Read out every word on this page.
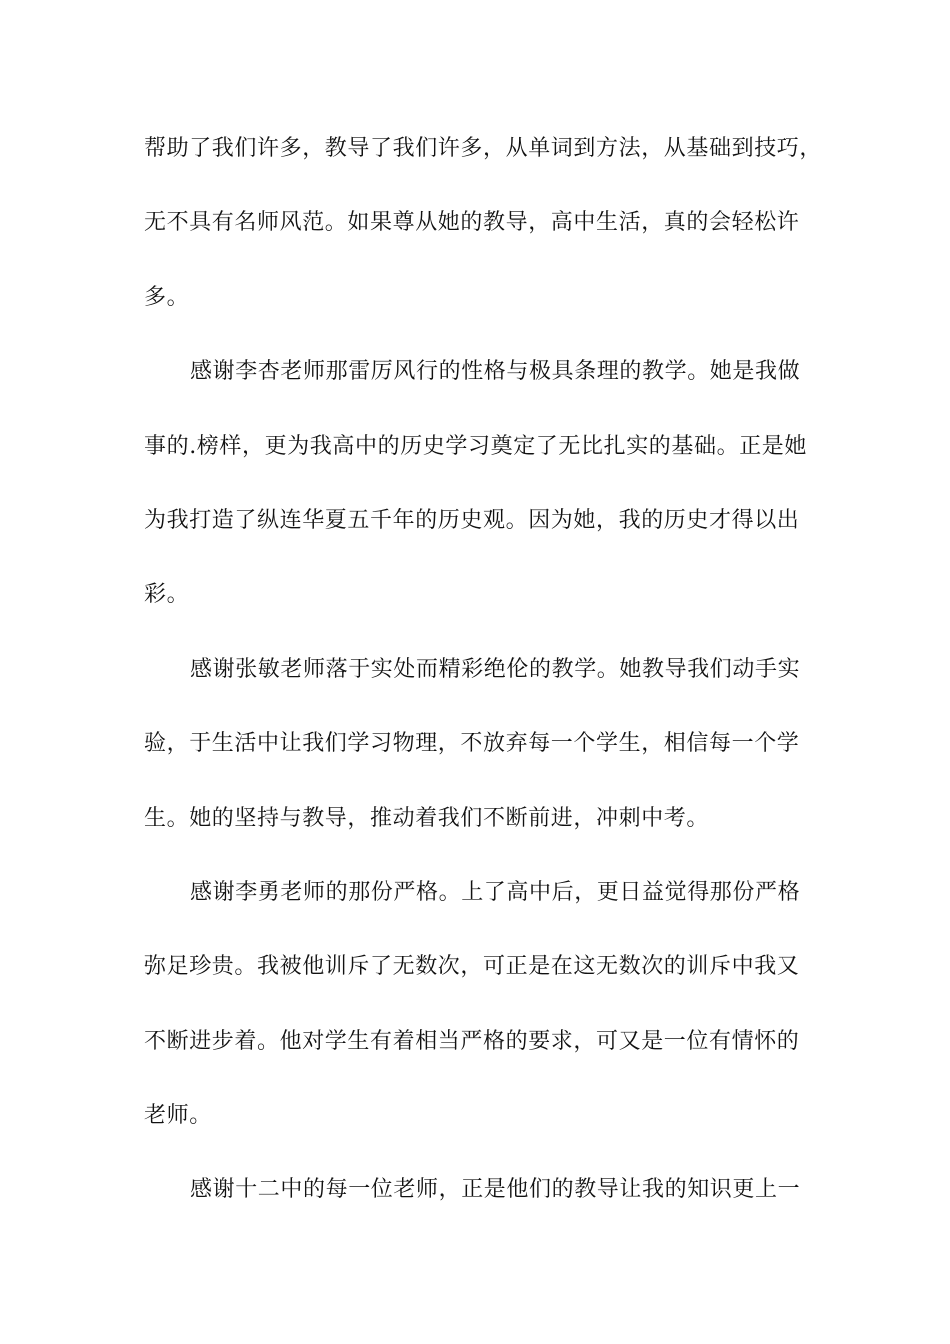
帮助了我们许多，教导了我们许多，从单词到方法，从基础到技巧，
无不具有名师风范。如果尊从她的教导，高中生活，真的会轻松许
多。
感谢李杏老师那雷厉风行的性格与极具条理的教学。她是我做
事的.榜样，更为我高中的历史学习奠定了无比扎实的基础。正是她
为我打造了纵连华夏五千年的历史观。因为她，我的历史才得以出
彩。
感谢张敏老师落于实处而精彩绝伦的教学。她教导我们动手实
验，于生活中让我们学习物理，不放弃每一个学生，相信每一个学
生。她的坚持与教导，推动着我们不断前进，冲刺中考。
感谢李勇老师的那份严格。上了高中后，更日益觉得那份严格
弥足珍贵。我被他训斥了无数次，可正是在这无数次的训斥中我又
不断进步着。他对学生有着相当严格的要求，可又是一位有情怀的
老师。
感谢十二中的每一位老师，正是他们的教导让我的知识更上一
